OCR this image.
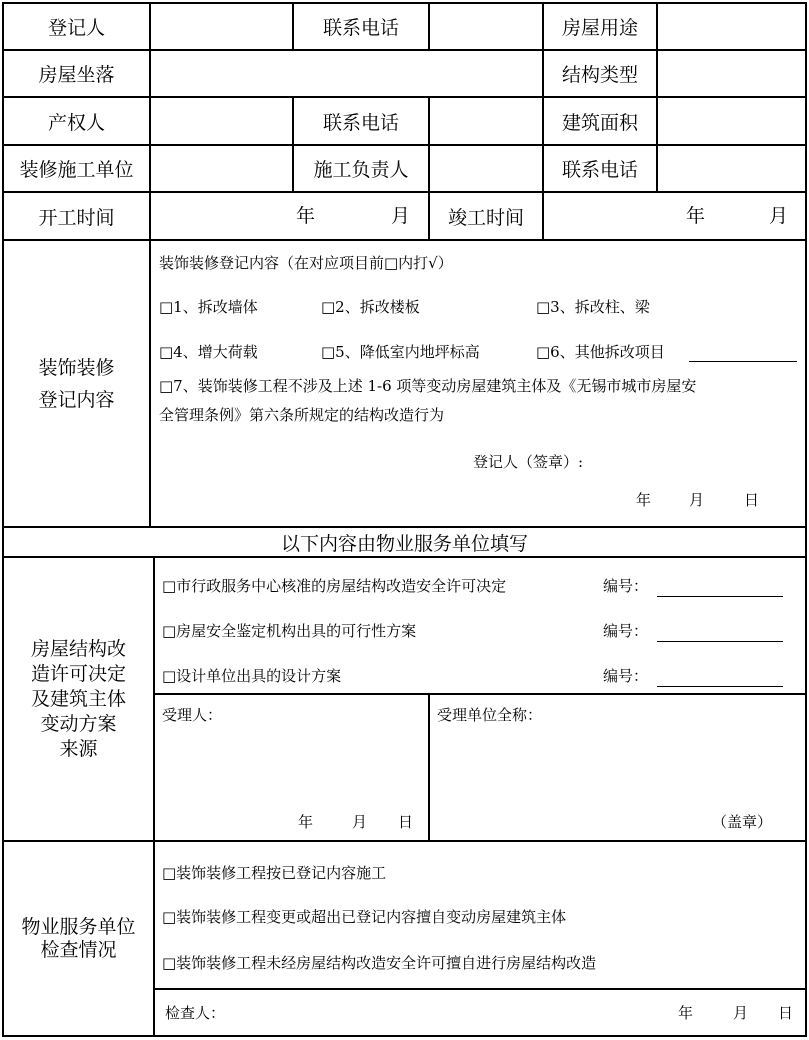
登记人	联系电话	房屋用途
房屋坐落	结构类型
产权人	联系电话	建筑面积
装修施工单位	施工负责人	联系电话
开工时间	年	月	竣工时间	年	月
装饰装修
登记内容
装饰装修登记内容（在对应项目前□内打√）
□1、拆改墙体	□2、拆改楼板	□3、拆改柱、梁
□4、增大荷载	□5、降低室内地坪标高	□6、其他拆改项目
□7、装饰装修工程不涉及上述 1-6 项等变动房屋建筑主体及《无锡市城市房屋安
全管理条例》第六条所规定的结构改造行为
登记人（签章）:
年	月	日
以下内容由物业服务单位填写
房屋结构改
造许可决定
及建筑主体
变动方案
来源
□市行政服务中心核准的房屋结构改造安全许可决定	编号：
□房屋安全鉴定机构出具的可行性方案	编号：
□设计单位出具的设计方案	编号：
受理人：
年	月 日
受理单位全称：
（盖章）
物业服务单位
检查情况
□装饰装修工程按已登记内容施工
□装饰装修工程变更或超出已登记内容擅自变动房屋建筑主体
□装饰装修工程未经房屋结构改造安全许可擅自进行房屋结构改造
检查人：	年	月 日
